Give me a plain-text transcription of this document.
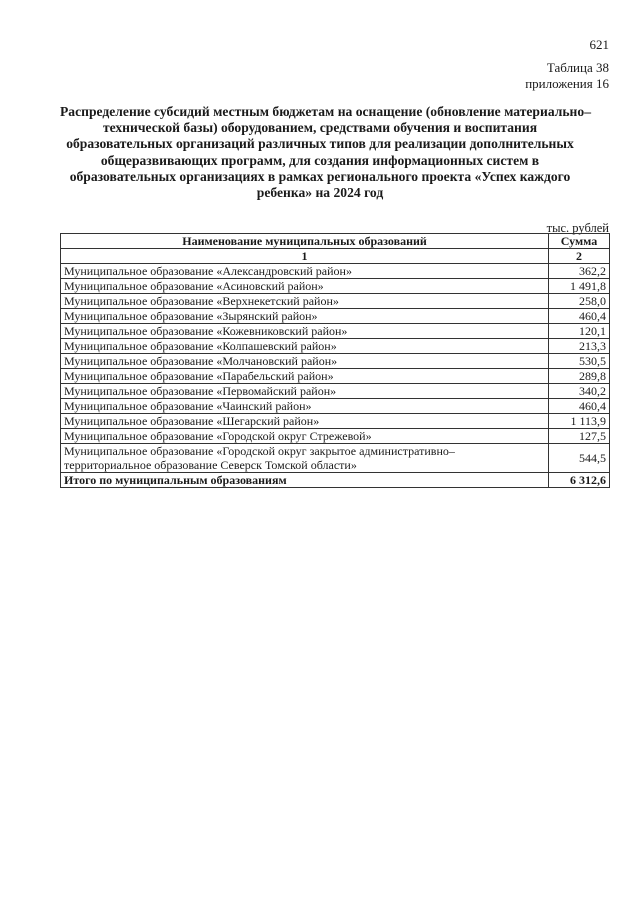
621
Таблица 38
приложения 16
Распределение субсидий местным бюджетам на оснащение (обновление материально–
технической базы) оборудованием, средствами обучения и воспитания
образовательных организаций различных типов для реализации дополнительных
общеразвивающих программ, для создания информационных систем в
образовательных организациях в рамках регионального проекта «Успех каждого
ребенка» на 2024 год
тыс. рублей
Наименование муниципальных образований	Сумма
1	2
Муниципальное образование «Александровский район»	362,2
Муниципальное образование «Асиновский район»	1 491,8
Муниципальное образование «Верхнекетский район»	258,0
Муниципальное образование «Зырянский район»	460,4
Муниципальное образование «Кожевниковский район»	120,1
Муниципальное образование «Колпашевский район»	213,3
Муниципальное образование «Молчановский район»	530,5
Муниципальное образование «Парабельский район»	289,8
Муниципальное образование «Первомайский район»	340,2
Муниципальное образование «Чаинский район»	460,4
Муниципальное образование «Шегарский район»	1 113,9
Муниципальное образование «Городской округ Стрежевой»	127,5

Муниципальное образование «Городской округ закрытое административно–
территориальное образование Северск Томской области»	544,5
Итого по муниципальным образованиям	6 312,6
